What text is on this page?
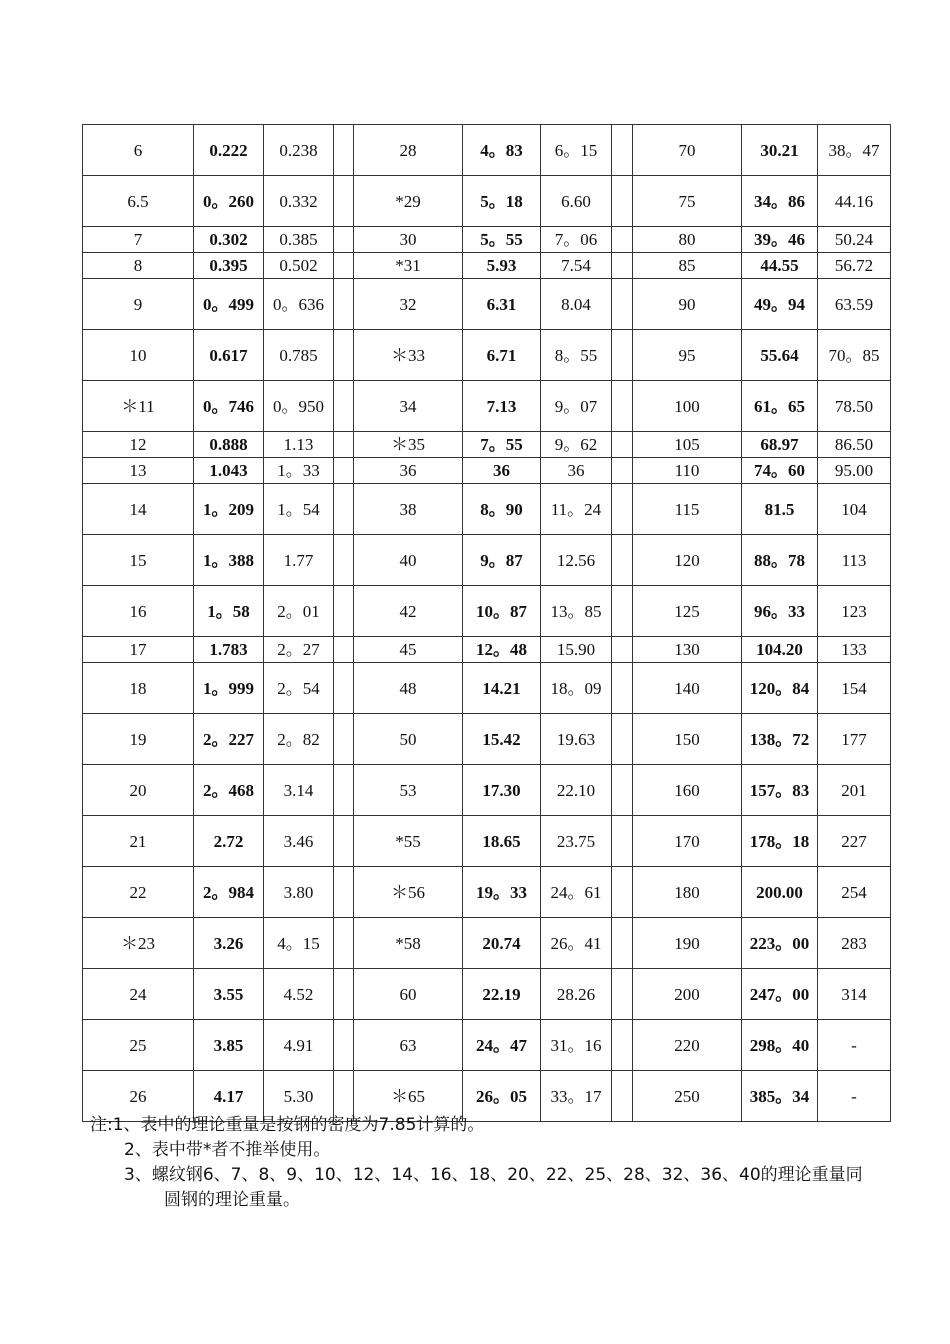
6	0.222	0.238		28	4。83	6。15		70	30.21	38。47
6.5	0。260	0.332		*29	5。18	6.60		75	34。86	44.16
7	0.302	0.385		30	5。55	7。06		80	39。46	50.24
8	0.395	0.502		*31	5.93	7.54		85	44.55	56.72
9	0。499	0。636		32	6.31	8.04		90	49。94	63.59
10	0.617	0.785		＊33	6.71	8。55		95	55.64	70。85
＊11	0。746	0。950		34	7.13	9。07		100	61。65	78.50
12	0.888	1.13		＊35	7。55	9。62		105	68.97	86.50
13	1.043	1。33		36	36	36		110	74。60	95.00
14	1。209	1。54		38	8。90	11。24		115	81.5	104
15	1。388	1.77		40	9。87	12.56		120	88。78	113
16	1。58	2。01		42	10。87	13。85		125	96。33	123
17	1.783	2。27		45	12。48	15.90		130	104.20	133
18	1。999	2。54		48	14.21	18。09		140	120。84	154
19	2。227	2。82		50	15.42	19.63		150	138。72	177
20	2。468	3.14		53	17.30	22.10		160	157。83	201
21	2.72	3.46		*55	18.65	23.75		170	178。18	227
22	2。984	3.80		＊56	19。33	24。61		180	200.00	254
＊23	3.26	4。15		*58	20.74	26。41		190	223。00	283
24	3.55	4.52		60	22.19	28.26		200	247。00	314
25	3.85	4.91		63	24。47	31。16		220	298。40	-
26	4.17	5.30		＊65	26。05	33。17		250	385。34	-
注:1、表中的理论重量是按钢的密度为7.85计算的。
2、表中带*者不推举使用。
3、螺纹钢6、7、8、9、10、12、14、16、18、20、22、25、28、32、36、40的理论重量同
圆钢的理论重量。
